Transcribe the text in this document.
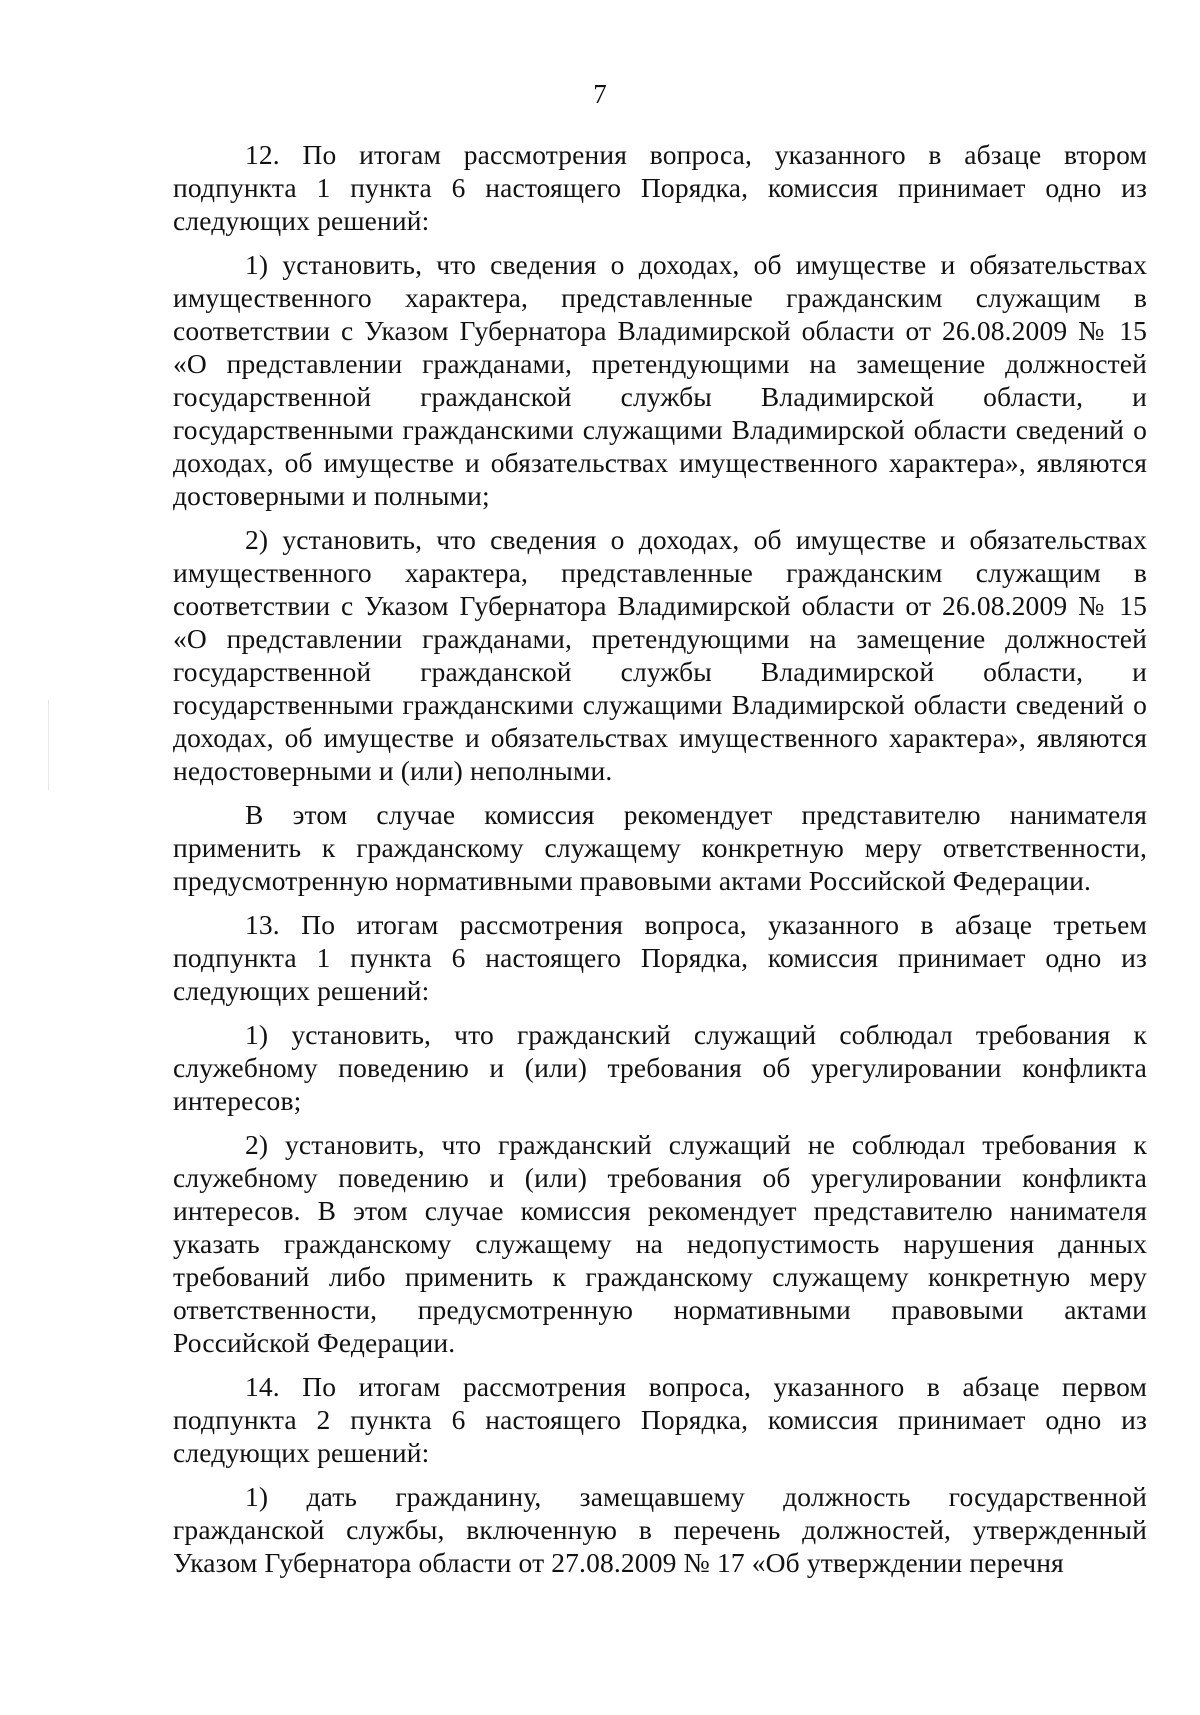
7

12. По итогам рассмотрения вопроса, указанного в абзаце втором подпункта 1 пункта 6 настоящего Порядка, комиссия принимает одно из следующих решений:

1) установить, что сведения о доходах, об имуществе и обязательствах имущественного характера, представленные гражданским служащим в соответствии с Указом Губернатора Владимирской области от 26.08.2009 № 15 «О представлении гражданами, претендующими на замещение должностей государственной гражданской службы Владимирской области, и государственными гражданскими служащими Владимирской области сведений о доходах, об имуществе и обязательствах имущественного характера», являются достоверными и полными;

2) установить, что сведения о доходах, об имуществе и обязательствах имущественного характера, представленные гражданским служащим в соответствии с Указом Губернатора Владимирской области от 26.08.2009 № 15 «О представлении гражданами, претендующими на замещение должностей государственной гражданской службы Владимирской области, и государственными гражданскими служащими Владимирской области сведений о доходах, об имуществе и обязательствах имущественного характера», являются недостоверными и (или) неполными.

В этом случае комиссия рекомендует представителю нанимателя применить к гражданскому служащему конкретную меру ответственности, предусмотренную нормативными правовыми актами Российской Федерации.

13. По итогам рассмотрения вопроса, указанного в абзаце третьем подпункта 1 пункта 6 настоящего Порядка, комиссия принимает одно из следующих решений:

1) установить, что гражданский служащий соблюдал требования к служебному поведению и (или) требования об урегулировании конфликта интересов;

2) установить, что гражданский служащий не соблюдал требования к служебному поведению и (или) требования об урегулировании конфликта интересов. В этом случае комиссия рекомендует представителю нанимателя указать гражданскому служащему на недопустимость нарушения данных требований либо применить к гражданскому служащему конкретную меру ответственности, предусмотренную нормативными правовыми актами Российской Федерации.

14. По итогам рассмотрения вопроса, указанного в абзаце первом подпункта 2 пункта 6 настоящего Порядка, комиссия принимает одно из следующих решений:

1) дать гражданину, замещавшему должность государственной гражданской службы, включенную в перечень должностей, утвержденный Указом Губернатора области от 27.08.2009 № 17 «Об утверждении перечня
